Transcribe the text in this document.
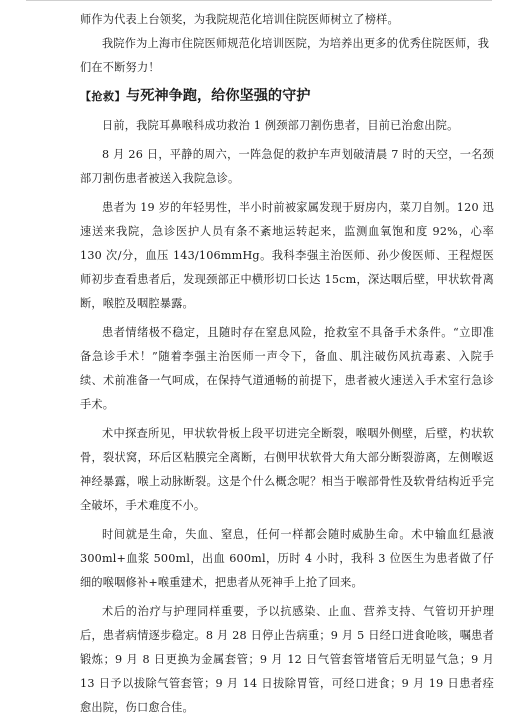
师作为代表上台领奖，为我院规范化培训住院医师树立了榜样。

我院作为上海市住院医师规范化培训医院，为培养出更多的优秀住院医师，我们在不断努力！

【抢救】与死神争跑，给你坚强的守护

日前，我院耳鼻喉科成功救治 1 例颈部刀割伤患者，目前已治愈出院。

8 月 26 日，平静的周六，一阵急促的救护车声划破清晨 7 时的天空，一名颈部刀割伤患者被送入我院急诊。

患者为 19 岁的年轻男性，半小时前被家属发现于厨房内，菜刀自刎。120 迅速送来我院，急诊医护人员有条不紊地运转起来，监测血氧饱和度 92%，心率 130 次/分，血压 143/106mmHg。我科李强主治医师、孙少俊医师、王程煜医师初步查看患者后，发现颈部正中横形切口长达 15cm，深达咽后壁，甲状软骨离断，喉腔及咽腔暴露。

患者情绪极不稳定，且随时存在窒息风险，抢救室不具备手术条件。“立即准备急诊手术！”随着李强主治医师一声令下，备血、肌注破伤风抗毒素、入院手续、术前准备一气呵成，在保持气道通畅的前提下，患者被火速送入手术室行急诊手术。

术中探查所见，甲状软骨板上段平切进完全断裂，喉咽外侧壁，后壁，杓状软骨，裂状窝，环后区粘膜完全离断，右侧甲状软骨大角大部分断裂游离，左侧喉返神经暴露，喉上动脉断裂。这是个什么概念呢？相当于喉部骨性及软骨结构近乎完全破坏，手术难度不小。

时间就是生命，失血、窒息，任何一样都会随时威胁生命。术中输血红悬液 300ml+血浆 500ml，出血 600ml，历时 4 小时，我科 3 位医生为患者做了仔细的喉咽修补+喉重建术，把患者从死神手上抢了回来。

术后的治疗与护理同样重要，予以抗感染、止血、营养支持、气管切开护理后，患者病情逐步稳定。8 月 28 日停止告病重；9 月 5 日经口进食呛咳，嘱患者锻炼；9 月 8 日更换为金属套管；9 月 12 日气管套管堵管后无明显气急；9 月 13 日予以拔除气管套管；9 月 14 日拔除胃管，可经口进食；9 月 19 日患者痊愈出院，伤口愈合佳。
